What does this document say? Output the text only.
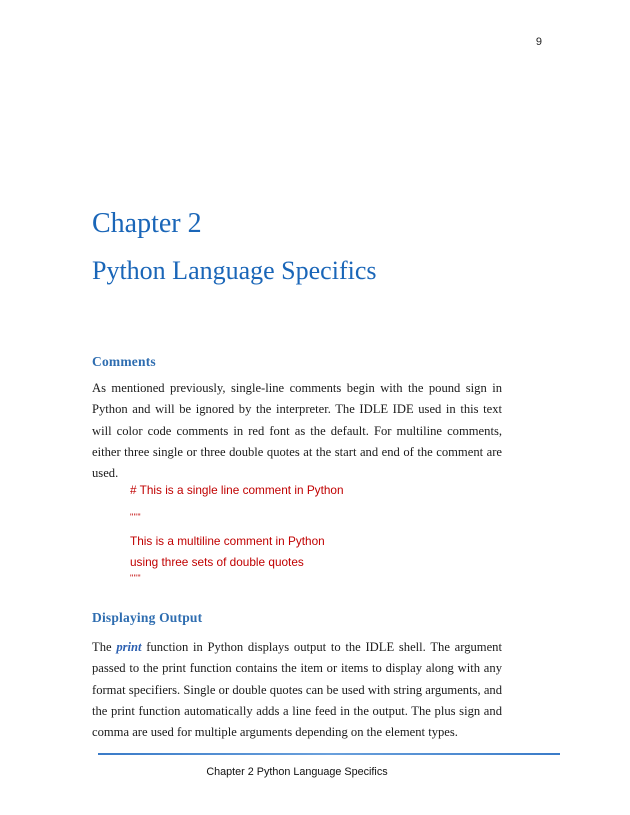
9
Chapter 2
Python Language Specifics
Comments

As mentioned previously, single-line comments begin with the pound sign in Python and will be ignored by the interpreter. The IDLE IDE used in this text will color code comments in red font as the default. For multiline comments, either three single or three double quotes at the start and end of the comment are used.

# This is a single line comment in Python
"""
This is a multiline comment in Python
using three sets of double quotes
"""
Displaying Output

The print function in Python displays output to the IDLE shell. The argument passed to the print function contains the item or items to display along with any format specifiers. Single or double quotes can be used with string arguments, and the print function automatically adds a line feed in the output. The plus sign and comma are used for multiple arguments depending on the element types.

Chapter 2 Python Language Specifics
